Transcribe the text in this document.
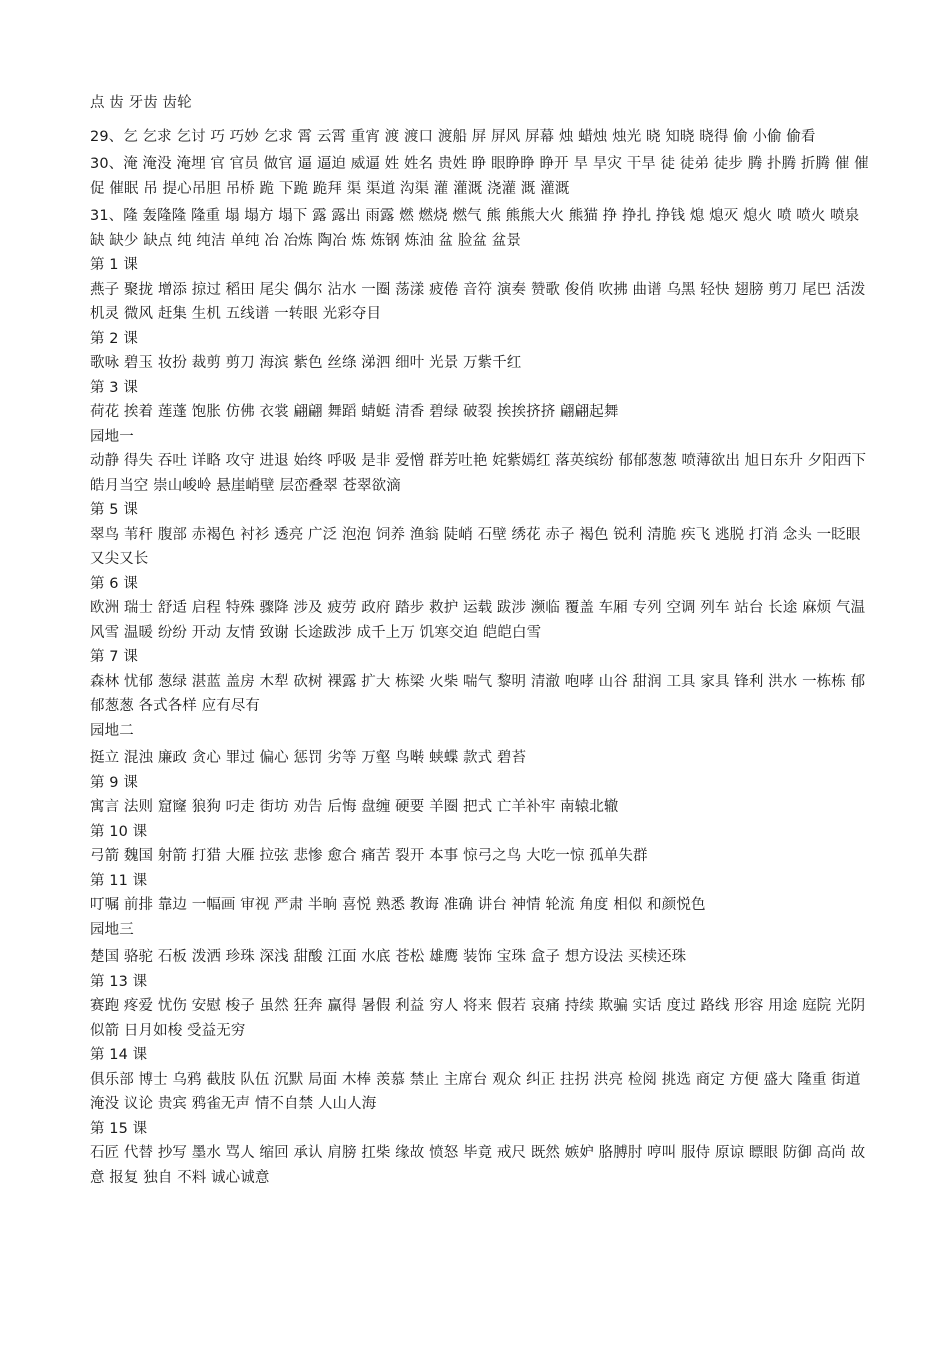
点 齿 牙齿 齿轮

29、乞 乞求 乞讨 巧 巧妙 乞求 霄 云霄 重宵 渡 渡口 渡船 屏 屏风 屏幕 烛 蜡烛 烛光 晓 知晓 晓得 偷 小偷 偷看

30、淹 淹没 淹埋 官 官员 做官 逼 逼迫 威逼 姓 姓名 贵姓 睁 眼睁睁 睁开 旱 旱灾 干旱 徒 徒弟 徒步 腾 扑腾 折腾 催 催促 催眠 吊 提心吊胆 吊桥 跪 下跪 跪拜 渠 渠道 沟渠 灌 灌溉 浇灌 溉 灌溉

31、隆 轰隆隆 隆重 塌 塌方 塌下 露 露出 雨露 燃 燃烧 燃气 熊 熊熊大火 熊猫 挣 挣扎 挣钱 熄 熄灭 熄火 喷 喷火 喷泉 缺 缺少 缺点 纯 纯洁 单纯 冶 冶炼 陶冶 炼 炼钢 炼油 盆 脸盆 盆景

第 1 课

燕子 聚拢 增添 掠过 稻田 尾尖 偶尔 沾水 一圈 荡漾 疲倦 音符 演奏 赞歌 俊俏 吹拂 曲谱 乌黑 轻快 翅膀 剪刀 尾巴 活泼 机灵 微风 赶集 生机 五线谱 一转眼 光彩夺目

第 2 课

歌咏 碧玉 妆扮 裁剪 剪刀 海滨 紫色 丝绦 涕泗 细叶 光景 万紫千红

第 3 课

荷花 挨着 莲蓬 饱胀 仿佛 衣裳 翩翩 舞蹈 蜻蜓 清香 碧绿 破裂 挨挨挤挤 翩翩起舞

园地一

动静 得失 吞吐 详略 攻守 进退 始终 呼吸 是非 爱憎 群芳吐艳 姹紫嫣红 落英缤纷 郁郁葱葱 喷薄欲出 旭日东升 夕阳西下 皓月当空 崇山峻岭 悬崖峭壁 层峦叠翠 苍翠欲滴

第 5 课

翠鸟 苇秆 腹部 赤褐色 衬衫 透亮 广泛 泡泡 饲养 渔翁 陡峭 石壁 绣花 赤子 褐色 锐利 清脆 疾飞 逃脱 打消 念头 一眨眼 又尖又长

第 6 课

欧洲 瑞士 舒适 启程 特殊 骤降 涉及 疲劳 政府 踏步 救护 运载 跋涉 濒临 覆盖 车厢 专列 空调 列车 站台 长途 麻烦 气温 风雪 温暖 纷纷 开动 友情 致谢 长途跋涉 成千上万 饥寒交迫 皑皑白雪

第 7 课

森林 忧郁 葱绿 湛蓝 盖房 木犁 砍树 裸露 扩大 栋梁 火柴 喘气 黎明 清澈 咆哮 山谷 甜润 工具 家具 锋利 洪水 一栋栋 郁郁葱葱 各式各样 应有尽有

园地二

挺立 混浊 廉政 贪心 罪过 偏心 惩罚 劣等 万壑 鸟啭 蛱蝶 款式 碧苔

第 9 课

寓言 法则 窟窿 狼狗 叼走 街坊 劝告 后悔 盘缠 硬要 羊圈 把式 亡羊补牢 南辕北辙

第 10 课

弓箭 魏国 射箭 打猎 大雁 拉弦 悲惨 愈合 痛苦 裂开 本事 惊弓之鸟 大吃一惊 孤单失群

第 11 课

叮嘱 前排 靠边 一幅画 审视 严肃 半晌 喜悦 熟悉 教诲 准确 讲台 神情 轮流 角度 相似 和颜悦色

园地三

楚国 骆驼 石板 泼洒 珍珠 深浅 甜酸 江面 水底 苍松 雄鹰 装饰 宝珠 盒子 想方设法 买椟还珠

第 13 课

赛跑 疼爱 忧伤 安慰 梭子 虽然 狂奔 赢得 暑假 利益 穷人 将来 假若 哀痛 持续 欺骗 实话 度过 路线 形容 用途 庭院 光阴似箭 日月如梭 受益无穷

第 14 课

俱乐部 博士 乌鸦 截肢 队伍 沉默 局面 木棒 羡慕 禁止 主席台 观众 纠正 拄拐 洪亮 检阅 挑选 商定 方便 盛大 隆重 街道 淹没 议论 贵宾 鸦雀无声 情不自禁 人山人海

第 15 课

石匠 代替 抄写 墨水 骂人 缩回 承认 肩膀 扛柴 缘故 愤怒 毕竟 戒尺 既然 嫉妒 胳膊肘 哼叫 服侍 原谅 瞟眼 防御 高尚 故意 报复 独自 不料 诚心诚意
